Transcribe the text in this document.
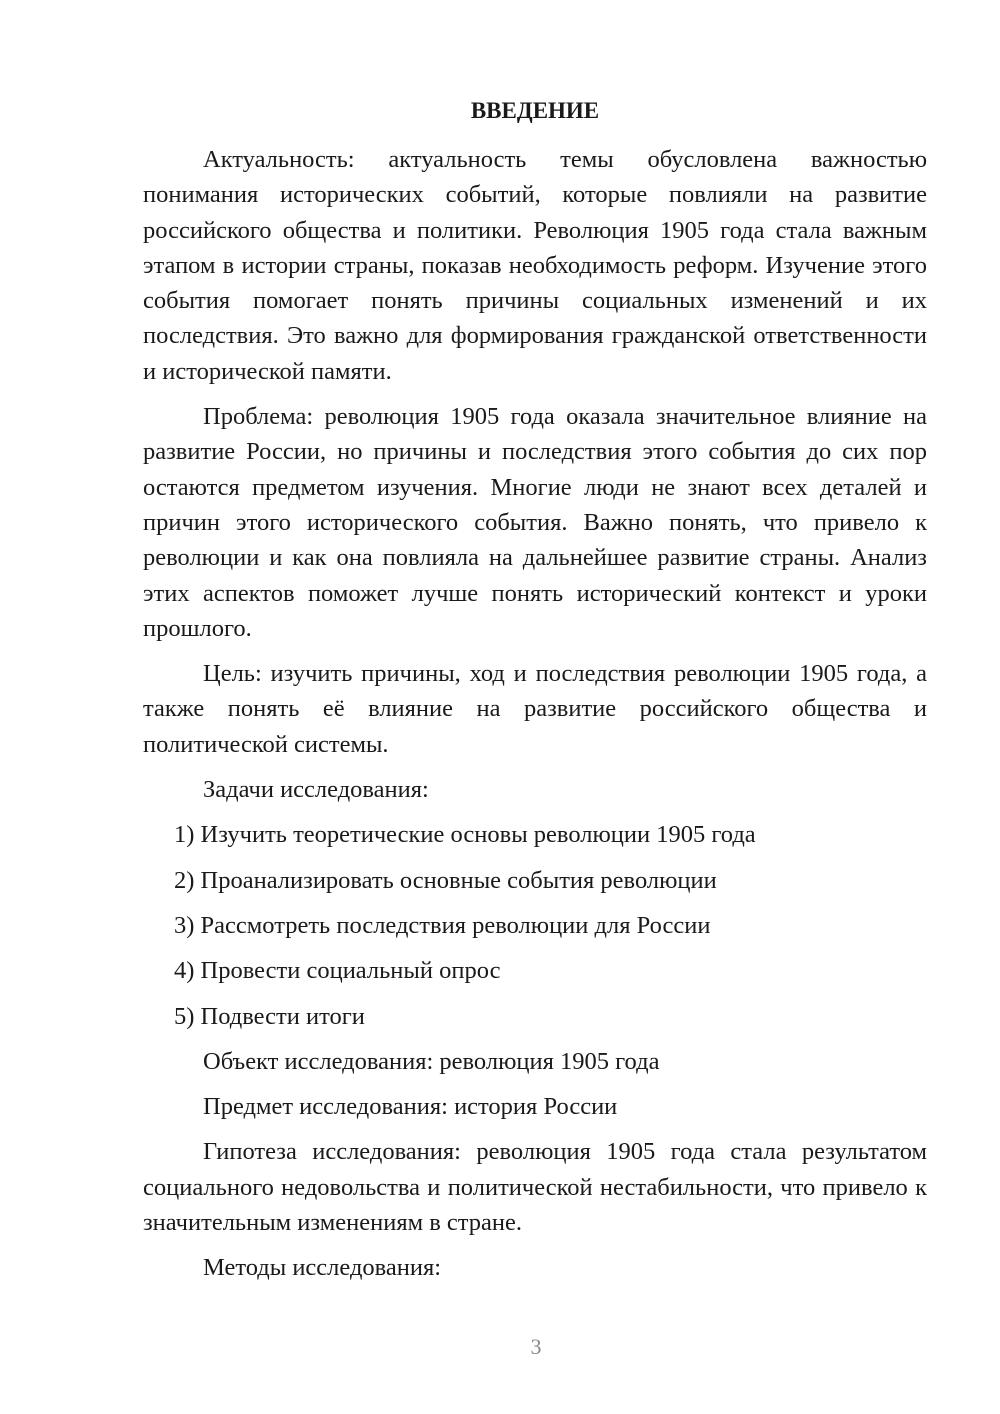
ВВЕДЕНИЕ

Актуальность: актуальность темы обусловлена важностью понимания исторических событий, которые повлияли на развитие российского общества и политики. Революция 1905 года стала важным этапом в истории страны, показав необходимость реформ. Изучение этого события помогает понять причины социальных изменений и их последствия. Это важно для формирования гражданской ответственности и исторической памяти.

Проблема: революция 1905 года оказала значительное влияние на развитие России, но причины и последствия этого события до сих пор остаются предметом изучения. Многие люди не знают всех деталей и причин этого исторического события. Важно понять, что привело к революции и как она повлияла на дальнейшее развитие страны. Анализ этих аспектов поможет лучше понять исторический контекст и уроки прошлого.

Цель: изучить причины, ход и последствия революции 1905 года, а также понять её влияние на развитие российского общества и политической системы.

Задачи исследования:
1) Изучить теоретические основы революции 1905 года
2) Проанализировать основные события революции
3) Рассмотреть последствия революции для России
4) Провести социальный опрос
5) Подвести итоги
Объект исследования: революция 1905 года
Предмет исследования: история России

Гипотеза исследования: революция 1905 года стала результатом социального недовольства и политической нестабильности, что привело к значительным изменениям в стране.

Методы исследования:
3
